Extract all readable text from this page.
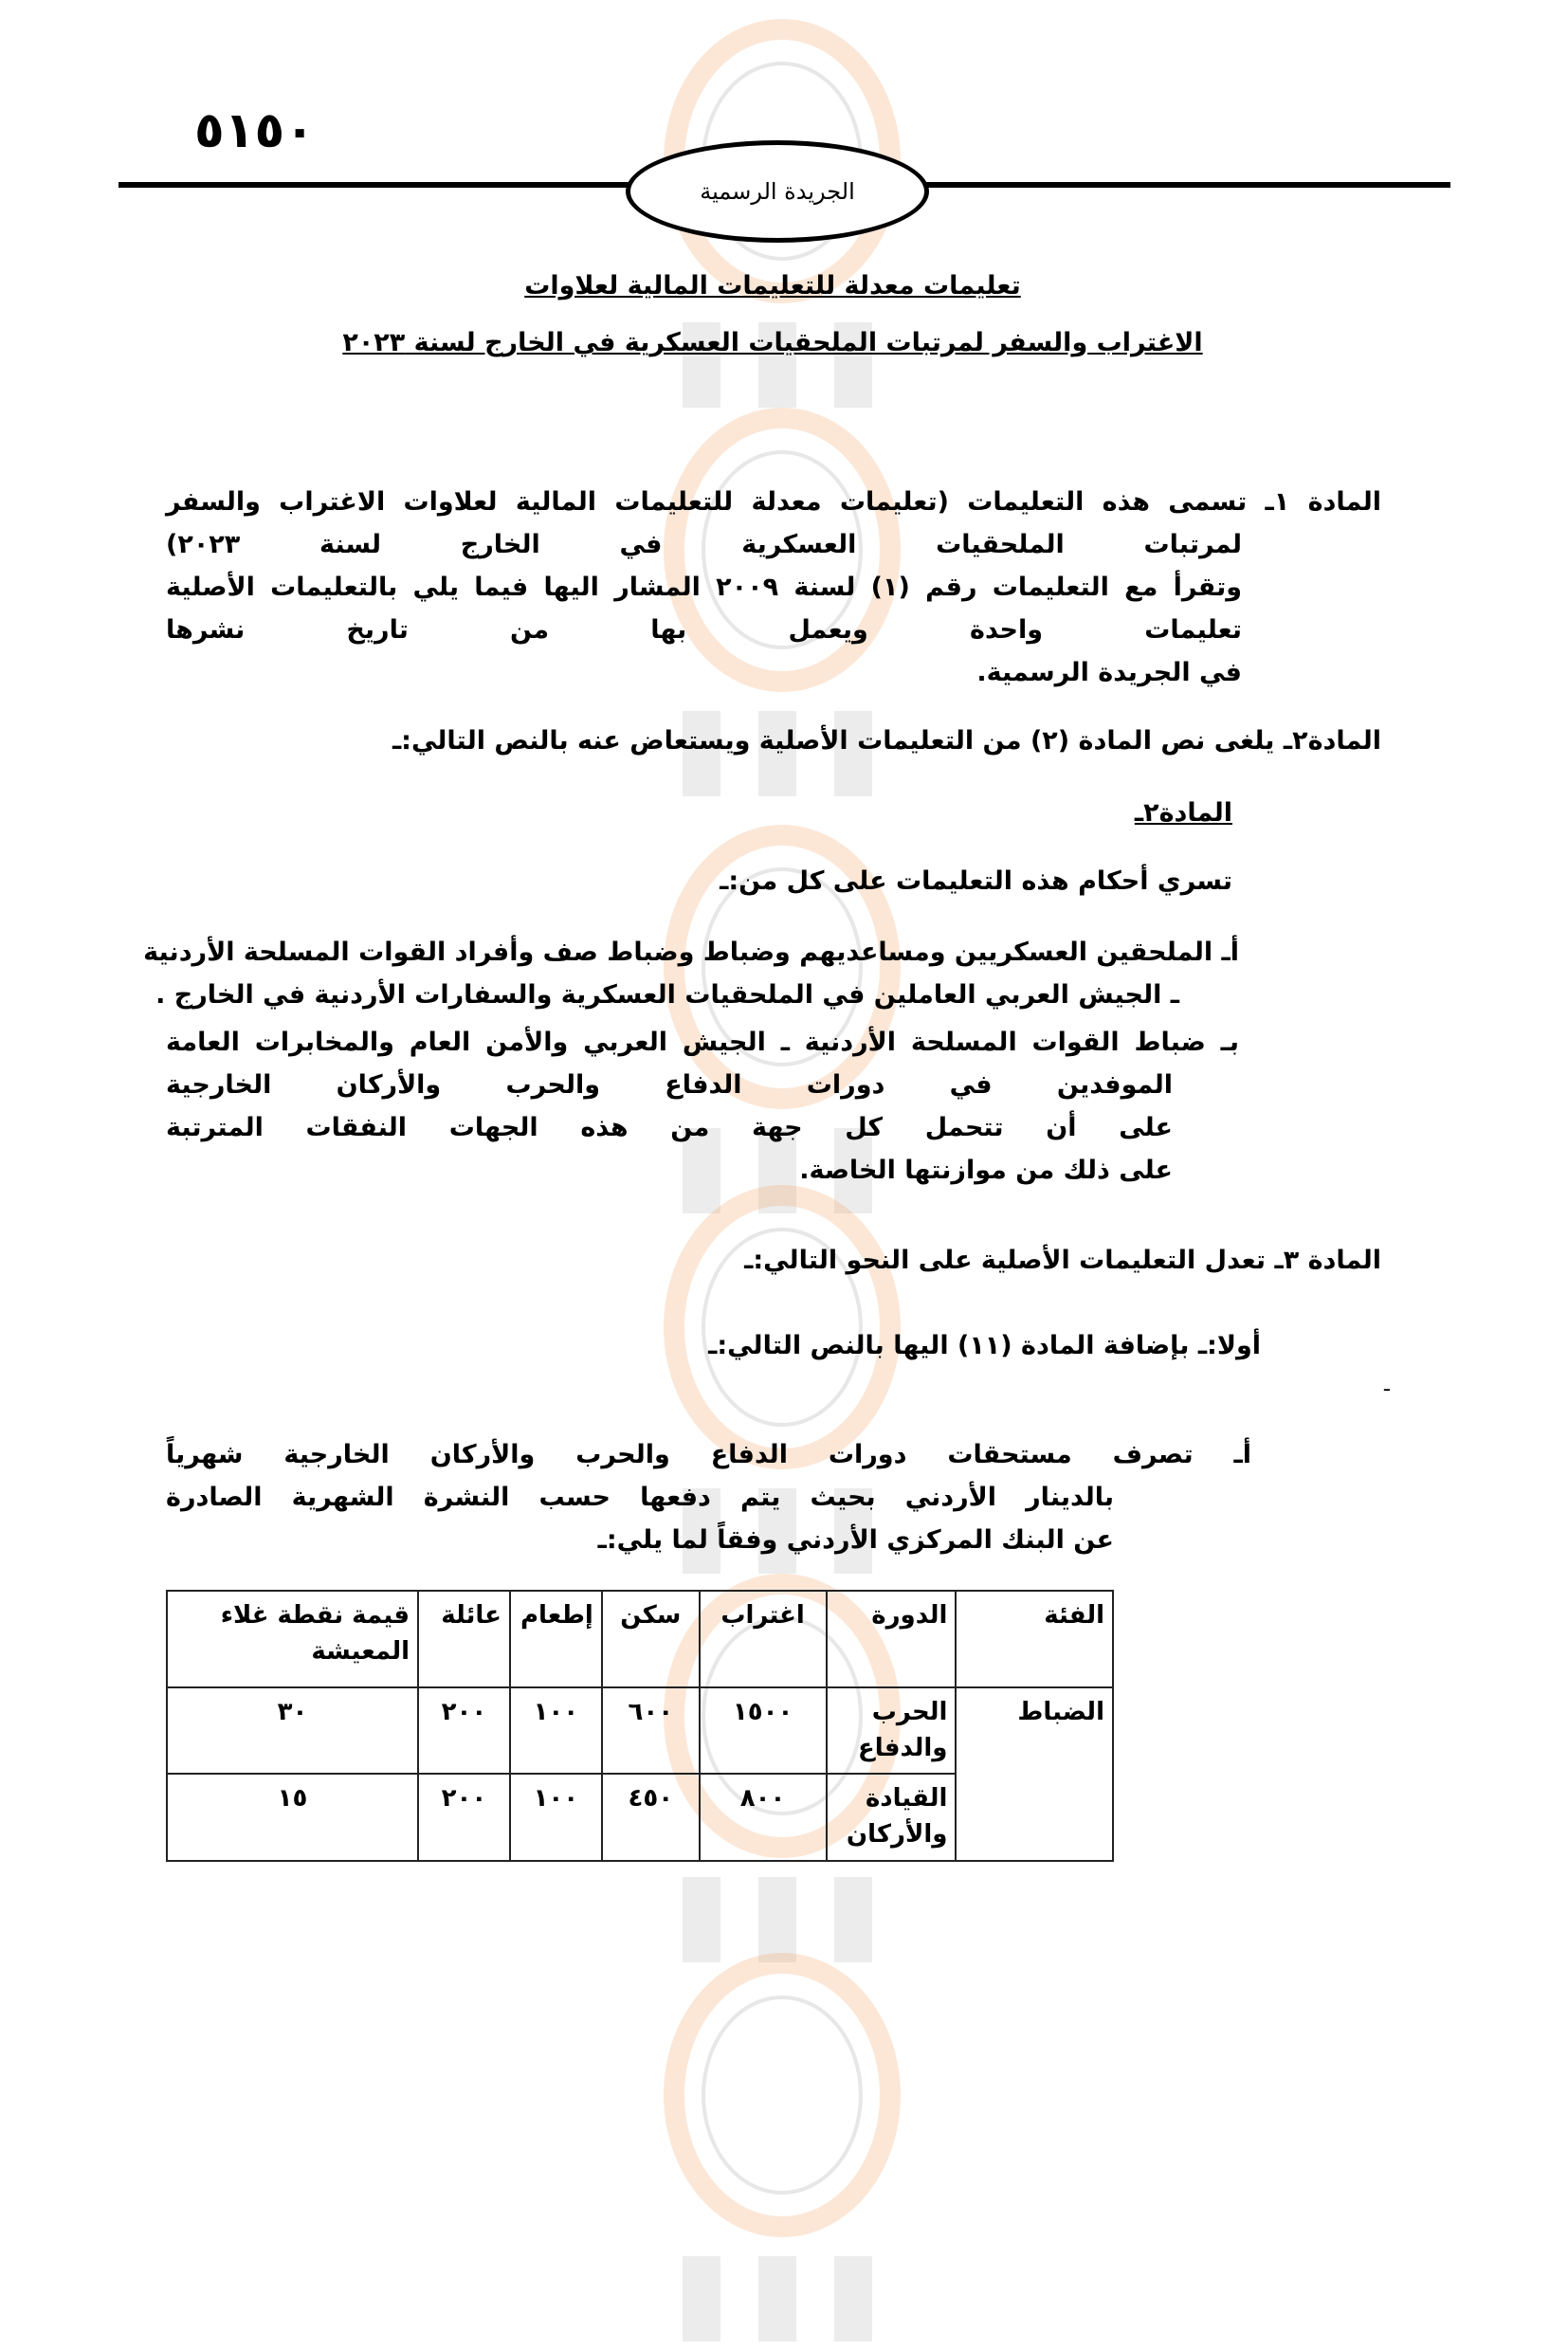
٥١٥٠
الجريدة الرسمية
تعليمات معدلة للتعليمات المالية لعلاوات
الاغتراب والسفر لمرتبات الملحقيات العسكرية في الخارج لسنة ٢٠٢٣
المادة ١ـ تسمى هذه التعليمات (تعليمات معدلة للتعليمات المالية لعلاوات الاغتراب والسفر
لمرتبات الملحقيات العسكرية في الخارج لسنة ٢٠٢٣)
وتقرأ مع التعليمات رقم (١) لسنة ٢٠٠٩ المشار اليها فيما يلي بالتعليمات الأصلية
تعليمات واحدة ويعمل بها من تاريخ نشرها
في الجريدة الرسمية.
المادة٢ـ يلغى نص المادة (٢) من التعليمات الأصلية ويستعاض عنه بالنص التالي:ـ
المادة٢ـ
تسري أحكام هذه التعليمات على كل من:ـ
أـ الملحقين العسكريين ومساعديهم وضباط وضباط صف وأفراد القوات المسلحة الأردنية
ـ الجيش العربي العاملين في الملحقيات العسكرية والسفارات الأردنية في الخارج .
بـ ضباط القوات المسلحة الأردنية ـ الجيش العربي والأمن العام والمخابرات العامة
الموفدين في دورات الدفاع والحرب والأركان الخارجية
على أن تتحمل كل جهة من هذه الجهات النفقات المترتبة
على ذلك من موازنتها الخاصة.
المادة ٣ـ تعدل التعليمات الأصلية على النحو التالي:ـ
أولا:ـ بإضافة المادة (١١) اليها بالنص التالي:ـ
ـ
أـ تصرف مستحقات دورات الدفاع والحرب والأركان الخارجية شهرياً
بالدينار الأردني بحيث يتم دفعها حسب النشرة الشهرية الصادرة
عن البنك المركزي الأردني وفقاً لما يلي:ـ
الفئة	الدورة	اغتراب	سكن	إطعام	عائلة	قيمة نقطة غلاء المعيشة
الضباط	الحرب والدفاع	١٥٠٠	٦٠٠	١٠٠	٢٠٠	٣٠
	القيادة والأركان	٨٠٠	٤٥٠	١٠٠	٢٠٠	١٥
